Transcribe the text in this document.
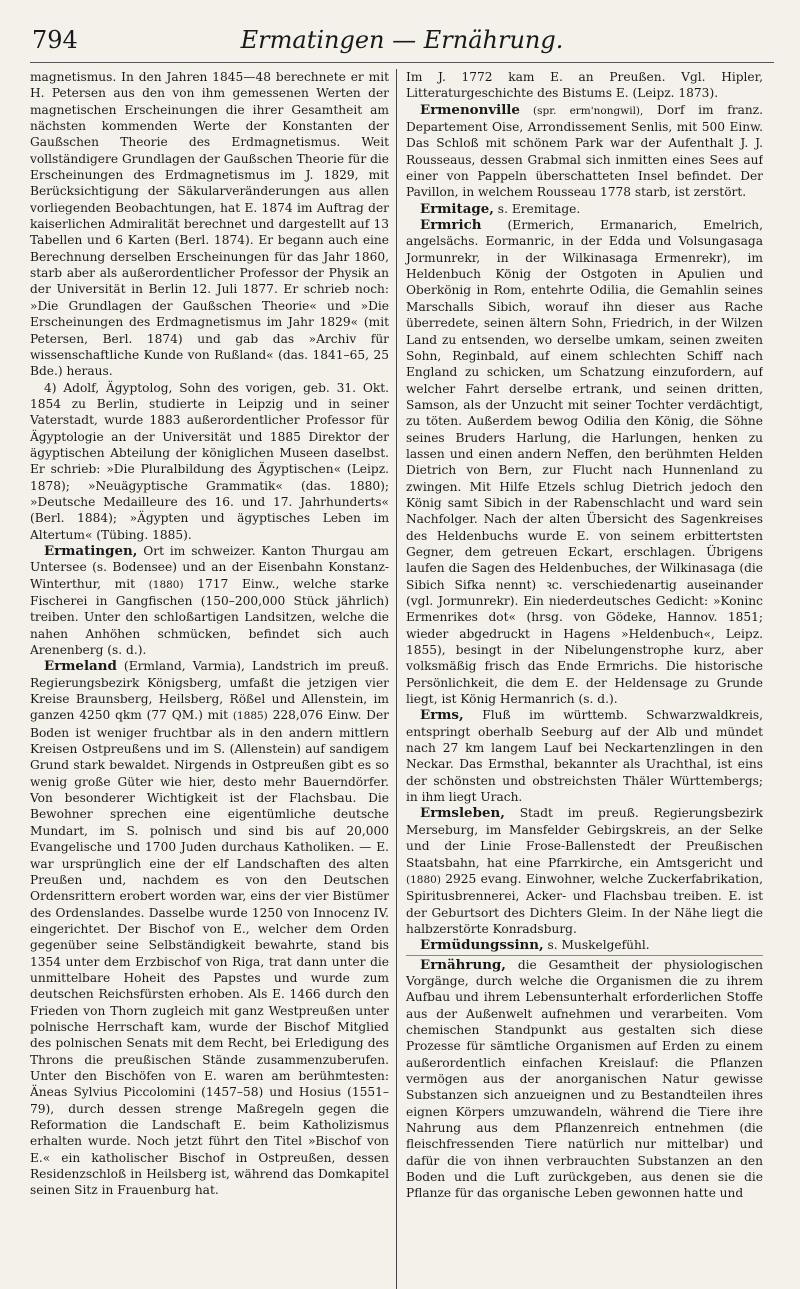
794	Ermatingen — Ernährung.

magnetismus. In den Jahren 1845—48 berechnete er mit H. Petersen aus den von ihm gemessenen Werten der magnetischen Erscheinungen die ihrer Gesamtheit am nächsten kommenden Werte der Konstanten der Gaußschen Theorie des Erdmagnetismus. Weit vollständigere Grundlagen der Gaußschen Theorie für die Erscheinungen des Erdmagnetismus im J. 1829, mit Berücksichtigung der Säkularveränderungen aus allen vorliegenden Beobachtungen, hat E. 1874 im Auftrag der kaiserlichen Admiralität berechnet und dargestellt auf 13 Tabellen und 6 Karten (Berl. 1874). Er begann auch eine Berechnung derselben Erscheinungen für das Jahr 1860, starb aber als außerordentlicher Professor der Physik an der Universität in Berlin 12. Juli 1877. Er schrieb noch: »Die Grundlagen der Gaußschen Theorie« und »Die Erscheinungen des Erdmagnetismus im Jahr 1829« (mit Petersen, Berl. 1874) und gab das »Archiv für wissenschaftliche Kunde von Rußland« (das. 1841–65, 25 Bde.) heraus.

4) Adolf, Ägyptolog, Sohn des vorigen, geb. 31. Okt. 1854 zu Berlin, studierte in Leipzig und in seiner Vaterstadt, wurde 1883 außerordentlicher Professor für Ägyptologie an der Universität und 1885 Direktor der ägyptischen Abteilung der königlichen Museen daselbst. Er schrieb: »Die Pluralbildung des Ägyptischen« (Leipz. 1878); »Neuägyptische Grammatik« (das. 1880); »Deutsche Medailleure des 16. und 17. Jahrhunderts« (Berl. 1884); »Ägypten und ägyptisches Leben im Altertum« (Tübing. 1885).

Ermatingen, Ort im schweizer. Kanton Thurgau am Untersee (s. Bodensee) und an der Eisenbahn Konstanz-Winterthur, mit (1880) 1717 Einw., welche starke Fischerei in Gangfischen (150–200,000 Stück jährlich) treiben. Unter den schloßartigen Landsitzen, welche die nahen Anhöhen schmücken, befindet sich auch Arenenberg (s. d.).

Ermeland (Ermland, Varmia), Landstrich im preuß. Regierungsbezirk Königsberg, umfaßt die jetzigen vier Kreise Braunsberg, Heilsberg, Rößel und Allenstein, im ganzen 4250 qkm (77 QM.) mit (1885) 228,076 Einw. Der Boden ist weniger fruchtbar als in den andern mittlern Kreisen Ostpreußens und im S. (Allenstein) auf sandigem Grund stark bewaldet. Nirgends in Ostpreußen gibt es so wenig große Güter wie hier, desto mehr Bauerndörfer. Von besonderer Wichtigkeit ist der Flachsbau. Die Bewohner sprechen eine eigentümliche deutsche Mundart, im S. polnisch und sind bis auf 20,000 Evangelische und 1700 Juden durchaus Katholiken. — E. war ursprünglich eine der elf Landschaften des alten Preußen und, nachdem es von den Deutschen Ordensrittern erobert worden war, eins der vier Bistümer des Ordenslandes. Dasselbe wurde 1250 von Innocenz IV. eingerichtet. Der Bischof von E., welcher dem Orden gegenüber seine Selbständigkeit bewahrte, stand bis 1354 unter dem Erzbischof von Riga, trat dann unter die unmittelbare Hoheit des Papstes und wurde zum deutschen Reichsfürsten erhoben. Als E. 1466 durch den Frieden von Thorn zugleich mit ganz Westpreußen unter polnische Herrschaft kam, wurde der Bischof Mitglied des polnischen Senats mit dem Recht, bei Erledigung des Throns die preußischen Stände zusammenzuberufen. Unter den Bischöfen von E. waren am berühmtesten: Äneas Sylvius Piccolomini (1457–58) und Hosius (1551–79), durch dessen strenge Maßregeln gegen die Reformation die Landschaft E. beim Katholizismus erhalten wurde. Noch jetzt führt den Titel »Bischof von E.« ein katholischer Bischof in Ostpreußen, dessen Residenzschloß in Heilsberg ist, während das Domkapitel seinen Sitz in Frauenburg hat.

Im J. 1772 kam E. an Preußen. Vgl. Hipler, Litteraturgeschichte des Bistums E. (Leipz. 1873).

Ermenonville (spr. erm'nongwil), Dorf im franz. Departement Oise, Arrondissement Senlis, mit 500 Einw. Das Schloß mit schönem Park war der Aufenthalt J. J. Rousseaus, dessen Grabmal sich inmitten eines Sees auf einer von Pappeln überschatteten Insel befindet. Der Pavillon, in welchem Rousseau 1778 starb, ist zerstört.

Ermitage, s. Eremitage.

Ermrich (Ermerich, Ermanarich, Emelrich, angelsächs. Eormanric, in der Edda und Volsungasaga Jormunrekr, in der Wilkinasaga Ermenrekr), im Heldenbuch König der Ostgoten in Apulien und Oberkönig in Rom, entehrte Odilia, die Gemahlin seines Marschalls Sibich, worauf ihn dieser aus Rache überredete, seinen ältern Sohn, Friedrich, in der Wilzen Land zu entsenden, wo derselbe umkam, seinen zweiten Sohn, Reginbald, auf einem schlechten Schiff nach England zu schicken, um Schatzung einzufordern, auf welcher Fahrt derselbe ertrank, und seinen dritten, Samson, als der Unzucht mit seiner Tochter verdächtigt, zu töten. Außerdem bewog Odilia den König, die Söhne seines Bruders Harlung, die Harlungen, henken zu lassen und einen andern Neffen, den berühmten Helden Dietrich von Bern, zur Flucht nach Hunnenland zu zwingen. Mit Hilfe Etzels schlug Dietrich jedoch den König samt Sibich in der Rabenschlacht und ward sein Nachfolger. Nach der alten Übersicht des Sagenkreises des Heldenbuchs wurde E. von seinem erbittertsten Gegner, dem getreuen Eckart, erschlagen. Übrigens laufen die Sagen des Heldenbuches, der Wilkinasaga (die Sibich Sifka nennt) ꝛc. verschiedenartig auseinander (vgl. Jormunrekr). Ein niederdeutsches Gedicht: »Koninc Ermenrikes dot« (hrsg. von Gödeke, Hannov. 1851; wieder abgedruckt in Hagens »Heldenbuch«, Leipz. 1855), besingt in der Nibelungenstrophe kurz, aber volksmäßig frisch das Ende Ermrichs. Die historische Persönlichkeit, die dem E. der Heldensage zu Grunde liegt, ist König Hermanrich (s. d.).

Erms, Fluß im württemb. Schwarzwaldkreis, entspringt oberhalb Seeburg auf der Alb und mündet nach 27 km langem Lauf bei Neckartenzlingen in den Neckar. Das Ermsthal, bekannter als Urachthal, ist eins der schönsten und obstreichsten Thäler Württembergs; in ihm liegt Urach.

Ermsleben, Stadt im preuß. Regierungsbezirk Merseburg, im Mansfelder Gebirgskreis, an der Selke und der Linie Frose-Ballenstedt der Preußischen Staatsbahn, hat eine Pfarrkirche, ein Amtsgericht und (1880) 2925 evang. Einwohner, welche Zuckerfabrikation, Spiritusbrennerei, Acker- und Flachsbau treiben. E. ist der Geburtsort des Dichters Gleim. In der Nähe liegt die halbzerstörte Konradsburg.

Ermüdungssinn, s. Muskelgefühl.

Ernährung, die Gesamtheit der physiologischen Vorgänge, durch welche die Organismen die zu ihrem Aufbau und ihrem Lebensunterhalt erforderlichen Stoffe aus der Außenwelt aufnehmen und verarbeiten. Vom chemischen Standpunkt aus gestalten sich diese Prozesse für sämtliche Organismen auf Erden zu einem außerordentlich einfachen Kreislauf: die Pflanzen vermögen aus der anorganischen Natur gewisse Substanzen sich anzueignen und zu Bestandteilen ihres eignen Körpers umzuwandeln, während die Tiere ihre Nahrung aus dem Pflanzenreich entnehmen (die fleischfressenden Tiere natürlich nur mittelbar) und dafür die von ihnen verbrauchten Substanzen an den Boden und die Luft zurückgeben, aus denen sie die Pflanze für das organische Leben gewonnen hatte und
